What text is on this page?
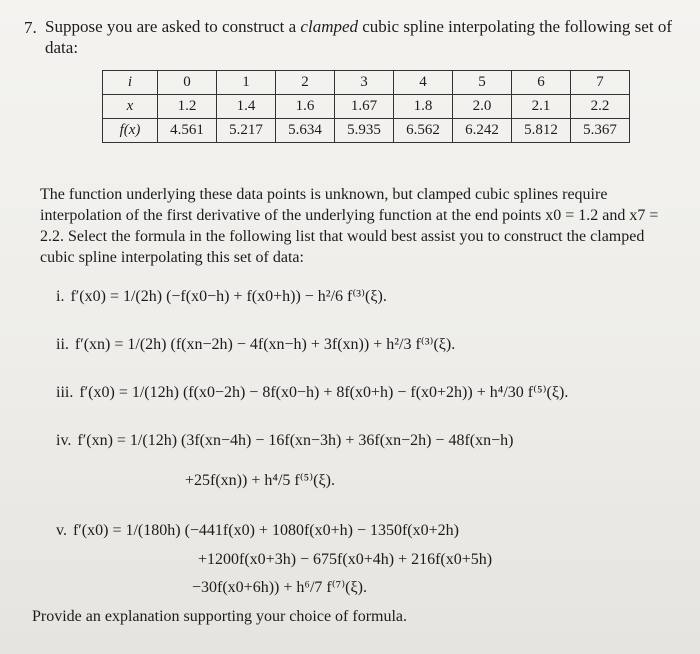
7. Suppose you are asked to construct a clamped cubic spline interpolating the following set of data:
i	0	1	2	3	4	5	6	7
x	1.2	1.4	1.6	1.67	1.8	2.0	2.1	2.2
f(x)	4.561	5.217	5.634	5.935	6.562	6.242	5.812	5.367
The function underlying these data points is unknown, but clamped cubic splines require interpolation of the first derivative of the underlying function at the end points x0 = 1.2 and x7 = 2.2. Select the formula in the following list that would best assist you to construct the clamped cubic spline interpolating this set of data:
i. f′(x0) = 1/(2h) (−f(x0−h) + f(x0+h)) − h²/6 f⁽³⁾(ξ).
ii. f′(xn) = 1/(2h) (f(xn−2h) − 4f(xn−h) + 3f(xn)) + h²/3 f⁽³⁾(ξ).
iii. f′(x0) = 1/(12h) (f(x0−2h) − 8f(x0−h) + 8f(x0+h) − f(x0+2h)) + h⁴/30 f⁽⁵⁾(ξ).
iv. f′(xn) = 1/(12h) (3f(xn−4h) − 16f(xn−3h) + 36f(xn−2h) − 48f(xn−h)
+25f(xn)) + h⁴/5 f⁽⁵⁾(ξ).
v. f′(x0) = 1/(180h) (−441f(x0) + 1080f(x0+h) − 1350f(x0+2h)
+1200f(x0+3h) − 675f(x0+4h) + 216f(x0+5h)
−30f(x0+6h)) + h⁶/7 f⁽⁷⁾(ξ).
Provide an explanation supporting your choice of formula.
